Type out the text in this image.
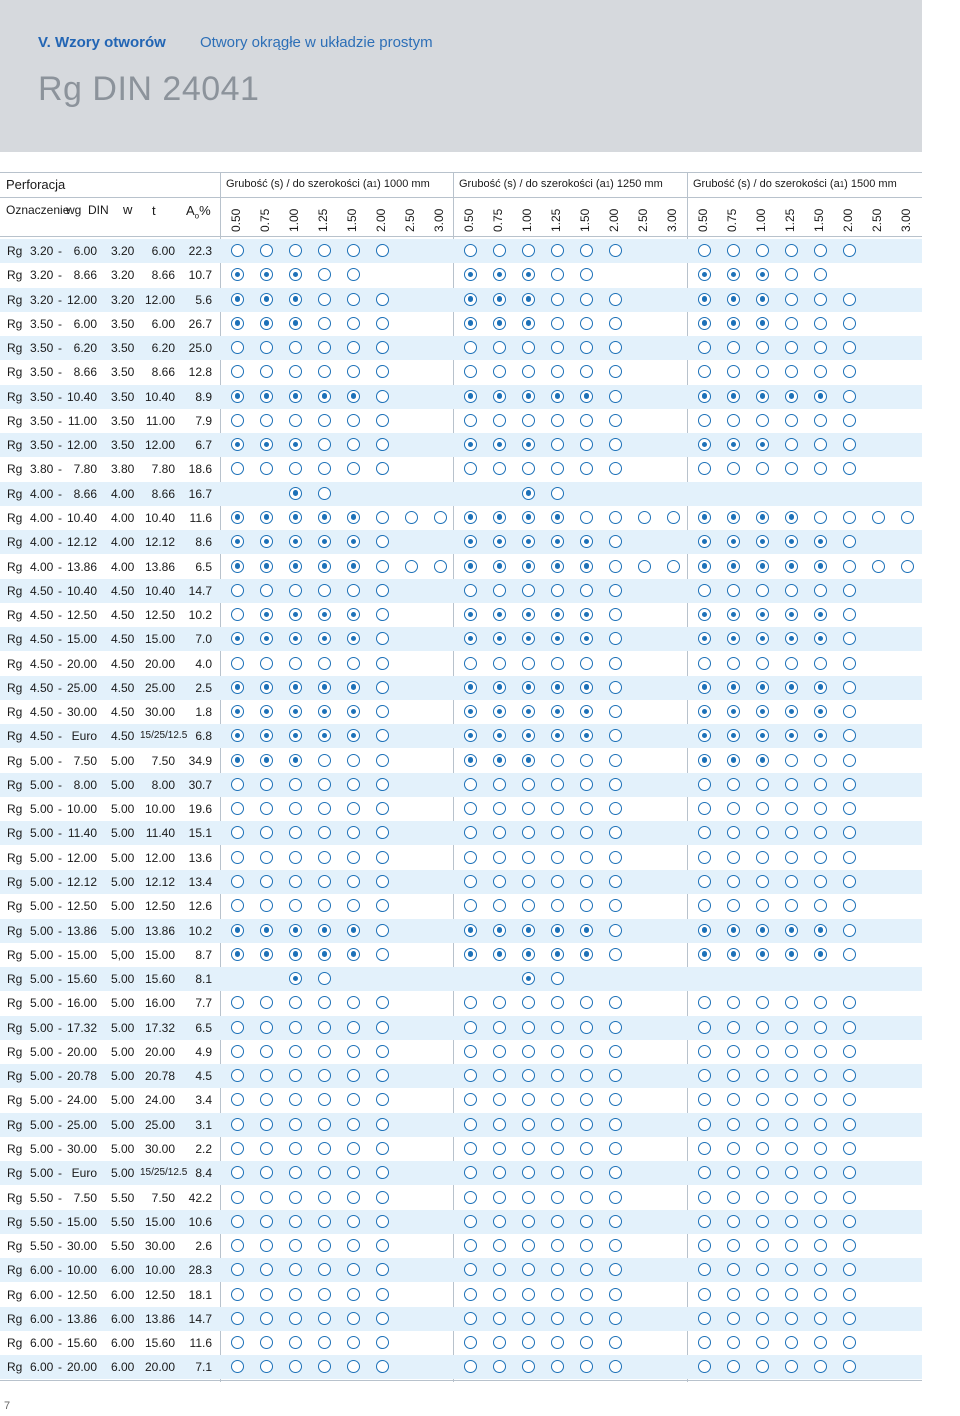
V. Wzory otworów Otwory okrągłe w układzie prostym
Rg DIN 24041
Perforacja
Oznaczenie
wg DIN w t $A_o\%$
Grubość (s) / do szerokości (a1) 1000 mm
0.50 0.75 1.00 1.25 1.50 2.00 2.50 3.00
Grubość (s) / do szerokości (a1) 1250 mm
0.50 0.75 1.00 1.25 1.50 2.00 2.50 3.00
Grubość (s) / do szerokości (a1) 1500 mm
0.50 0.75 1.00 1.25 1.50 2.00 2.50 3.00
Rg 3.20 - 6.00 3.20 6.00 22.3
Rg 3.20 - 8.66 3.20 8.66 10.7
Rg 3.20 - 12.00 3.20 12.00 5.6
Rg 3.50 - 6.00 3.50 6.00 26.7
Rg 3.50 - 6.20 3.50 6.20 25.0
Rg 3.50 - 8.66 3.50 8.66 12.8
Rg 3.50 - 10.40 3.50 10.40 8.9
Rg 3.50 - 11.00 3.50 11.00 7.9
Rg 3.50 - 12.00 3.50 12.00 6.7
Rg 3.80 - 7.80 3.80 7.80 18.6
Rg 4.00 - 8.66 4.00 8.66 16.7
Rg 4.00 - 10.40 4.00 10.40 11.6
Rg 4.00 - 12.12 4.00 12.12 8.6
Rg 4.00 - 13.86 4.00 13.86 6.5
Rg 4.50 - 10.40 4.50 10.40 14.7
Rg 4.50 - 12.50 4.50 12.50 10.2
Rg 4.50 - 15.00 4.50 15.00 7.0
Rg 4.50 - 20.00 4.50 20.00 4.0
Rg 4.50 - 25.00 4.50 25.00 2.5
Rg 4.50 - 30.00 4.50 30.00 1.8
Rg 4.50 - Euro 4.50 15/25/12.5 6.8
Rg 5.00 - 7.50 5.00 7.50 34.9
Rg 5.00 - 8.00 5.00 8.00 30.7
Rg 5.00 - 10.00 5.00 10.00 19.6
Rg 5.00 - 11.40 5.00 11.40 15.1
Rg 5.00 - 12.00 5.00 12.00 13.6
Rg 5.00 - 12.12 5.00 12.12 13.4
Rg 5.00 - 12.50 5.00 12.50 12.6
Rg 5.00 - 13.86 5.00 13.86 10.2
Rg 5.00 - 15.00 5,00 15.00 8.7
Rg 5.00 - 15.60 5.00 15.60 8.1
Rg 5.00 - 16.00 5.00 16.00 7.7
Rg 5.00 - 17.32 5.00 17.32 6.5
Rg 5.00 - 20.00 5.00 20.00 4.9
Rg 5.00 - 20.78 5.00 20.78 4.5
Rg 5.00 - 24.00 5.00 24.00 3.4
Rg 5.00 - 25.00 5.00 25.00 3.1
Rg 5.00 - 30.00 5.00 30.00 2.2
Rg 5.00 - Euro 5.00 15/25/12.5 8.4
Rg 5.50 - 7.50 5.50 7.50 42.2
Rg 5.50 - 15.00 5.50 15.00 10.6
Rg 5.50 - 30.00 5.50 30.00 2.6
Rg 6.00 - 10.00 6.00 10.00 28.3
Rg 6.00 - 12.50 6.00 12.50 18.1
Rg 6.00 - 13.86 6.00 13.86 14.7
Rg 6.00 - 15.60 6.00 15.60 11.6
Rg 6.00 - 20.00 6.00 20.00 7.1
7
